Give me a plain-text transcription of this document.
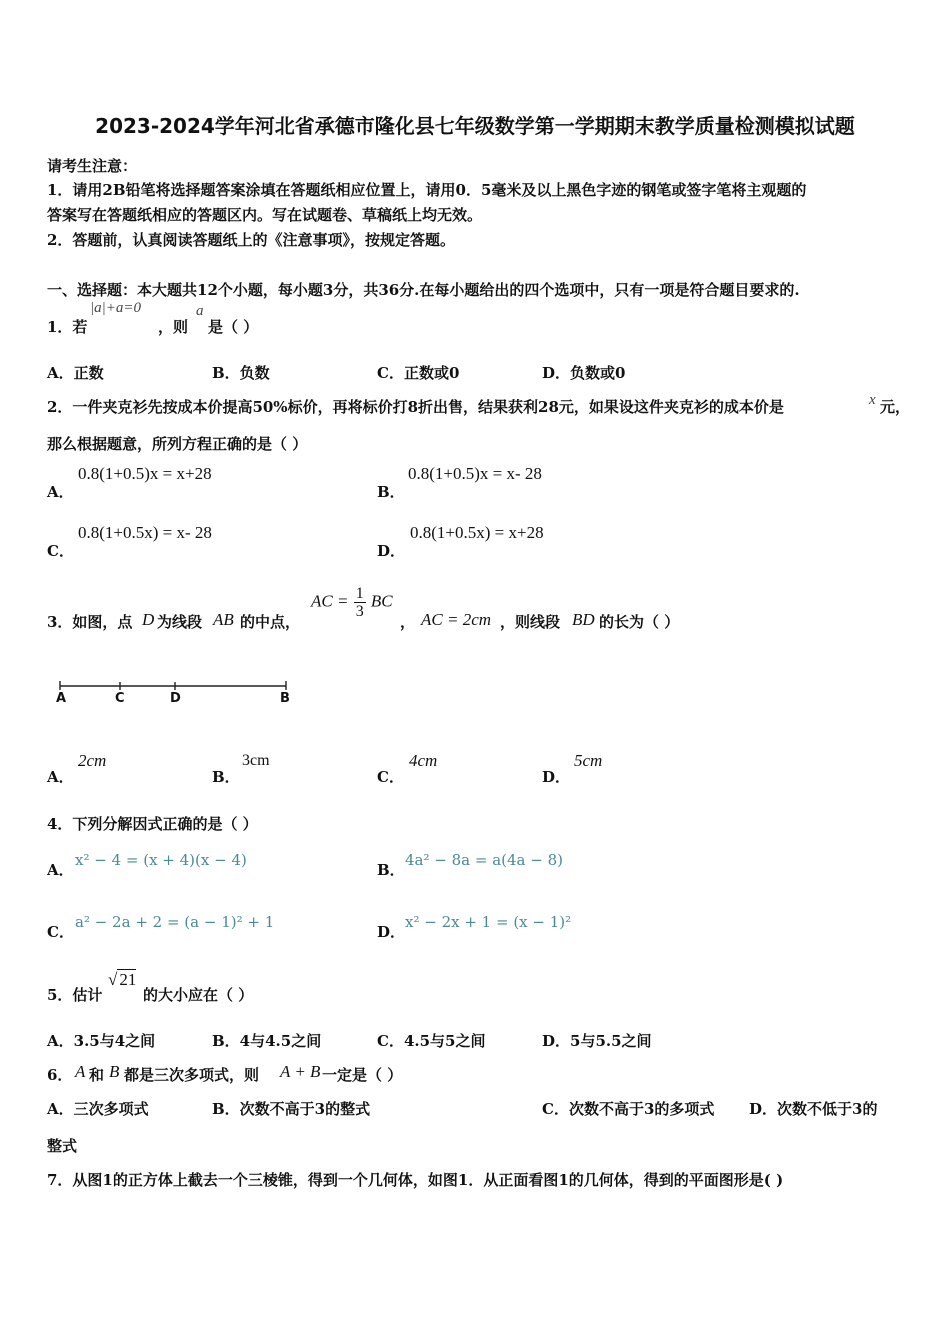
2023-2024学年河北省承德市隆化县七年级数学第一学期期末教学质量检测模拟试题
请考生注意：
1．请用2B铅笔将选择题答案涂填在答题纸相应位置上，请用0．5毫米及以上黑色字迹的钢笔或签字笔将主观题的
答案写在答题纸相应的答题区内。写在试题卷、草稿纸上均无效。
2．答题前，认真阅读答题纸上的《注意事项》，按规定答题。
一、选择题：本大题共12个小题，每小题3分，共36分.在每小题给出的四个选项中，只有一项是符合题目要求的.
1．若
|a|+a=0
，则
a
是（ ）
A．正数	B．负数	C．正数或0	D．负数或0
2．一件夹克衫先按成本价提高50%标价，再将标价打8折出售，结果获利28元，如果设这件夹克衫的成本价是	x 元，
那么根据题意，所列方程正确的是（ ）
A．
0.8(1+0.5)x = x+28
B．
0.8(1+0.5)x = x- 28
C．
0.8(1+0.5x) = x- 28
D．
0.8(1+0.5x) = x+28
3．如图，点 D 为线段 AB 的中点，
AC = $\frac{1}{3}$ BC
， AC = 2cm ，则线段 BD 的长为（ ）
A	C	D	B
A．
2cm
B．
3cm
C．
4cm
D．
5cm
4．下列分解因式正确的是（ ）
A．
x² − 4 = (x + 4)(x − 4)
B．
4a² − 8a = a(4a − 8)
C．
a² − 2a + 2 = (a − 1)² + 1
D．
x² − 2x + 1 = (x − 1)²
5．估计
√ 21
的大小应在（ ）
A．3.5与4之间	B．4与4.5之间	C．4.5与5之间	D．5与5.5之间
6． A 和 B 都是三次多项式，则 A + B 一定是（ ）
A．三次多项式	B．次数不高于3的整式	C．次数不高于3的多项式 D．次数不低于3的
整式
7．从图1的正方体上截去一个三棱锥，得到一个几何体，如图1．从正面看图1的几何体，得到的平面图形是( )
